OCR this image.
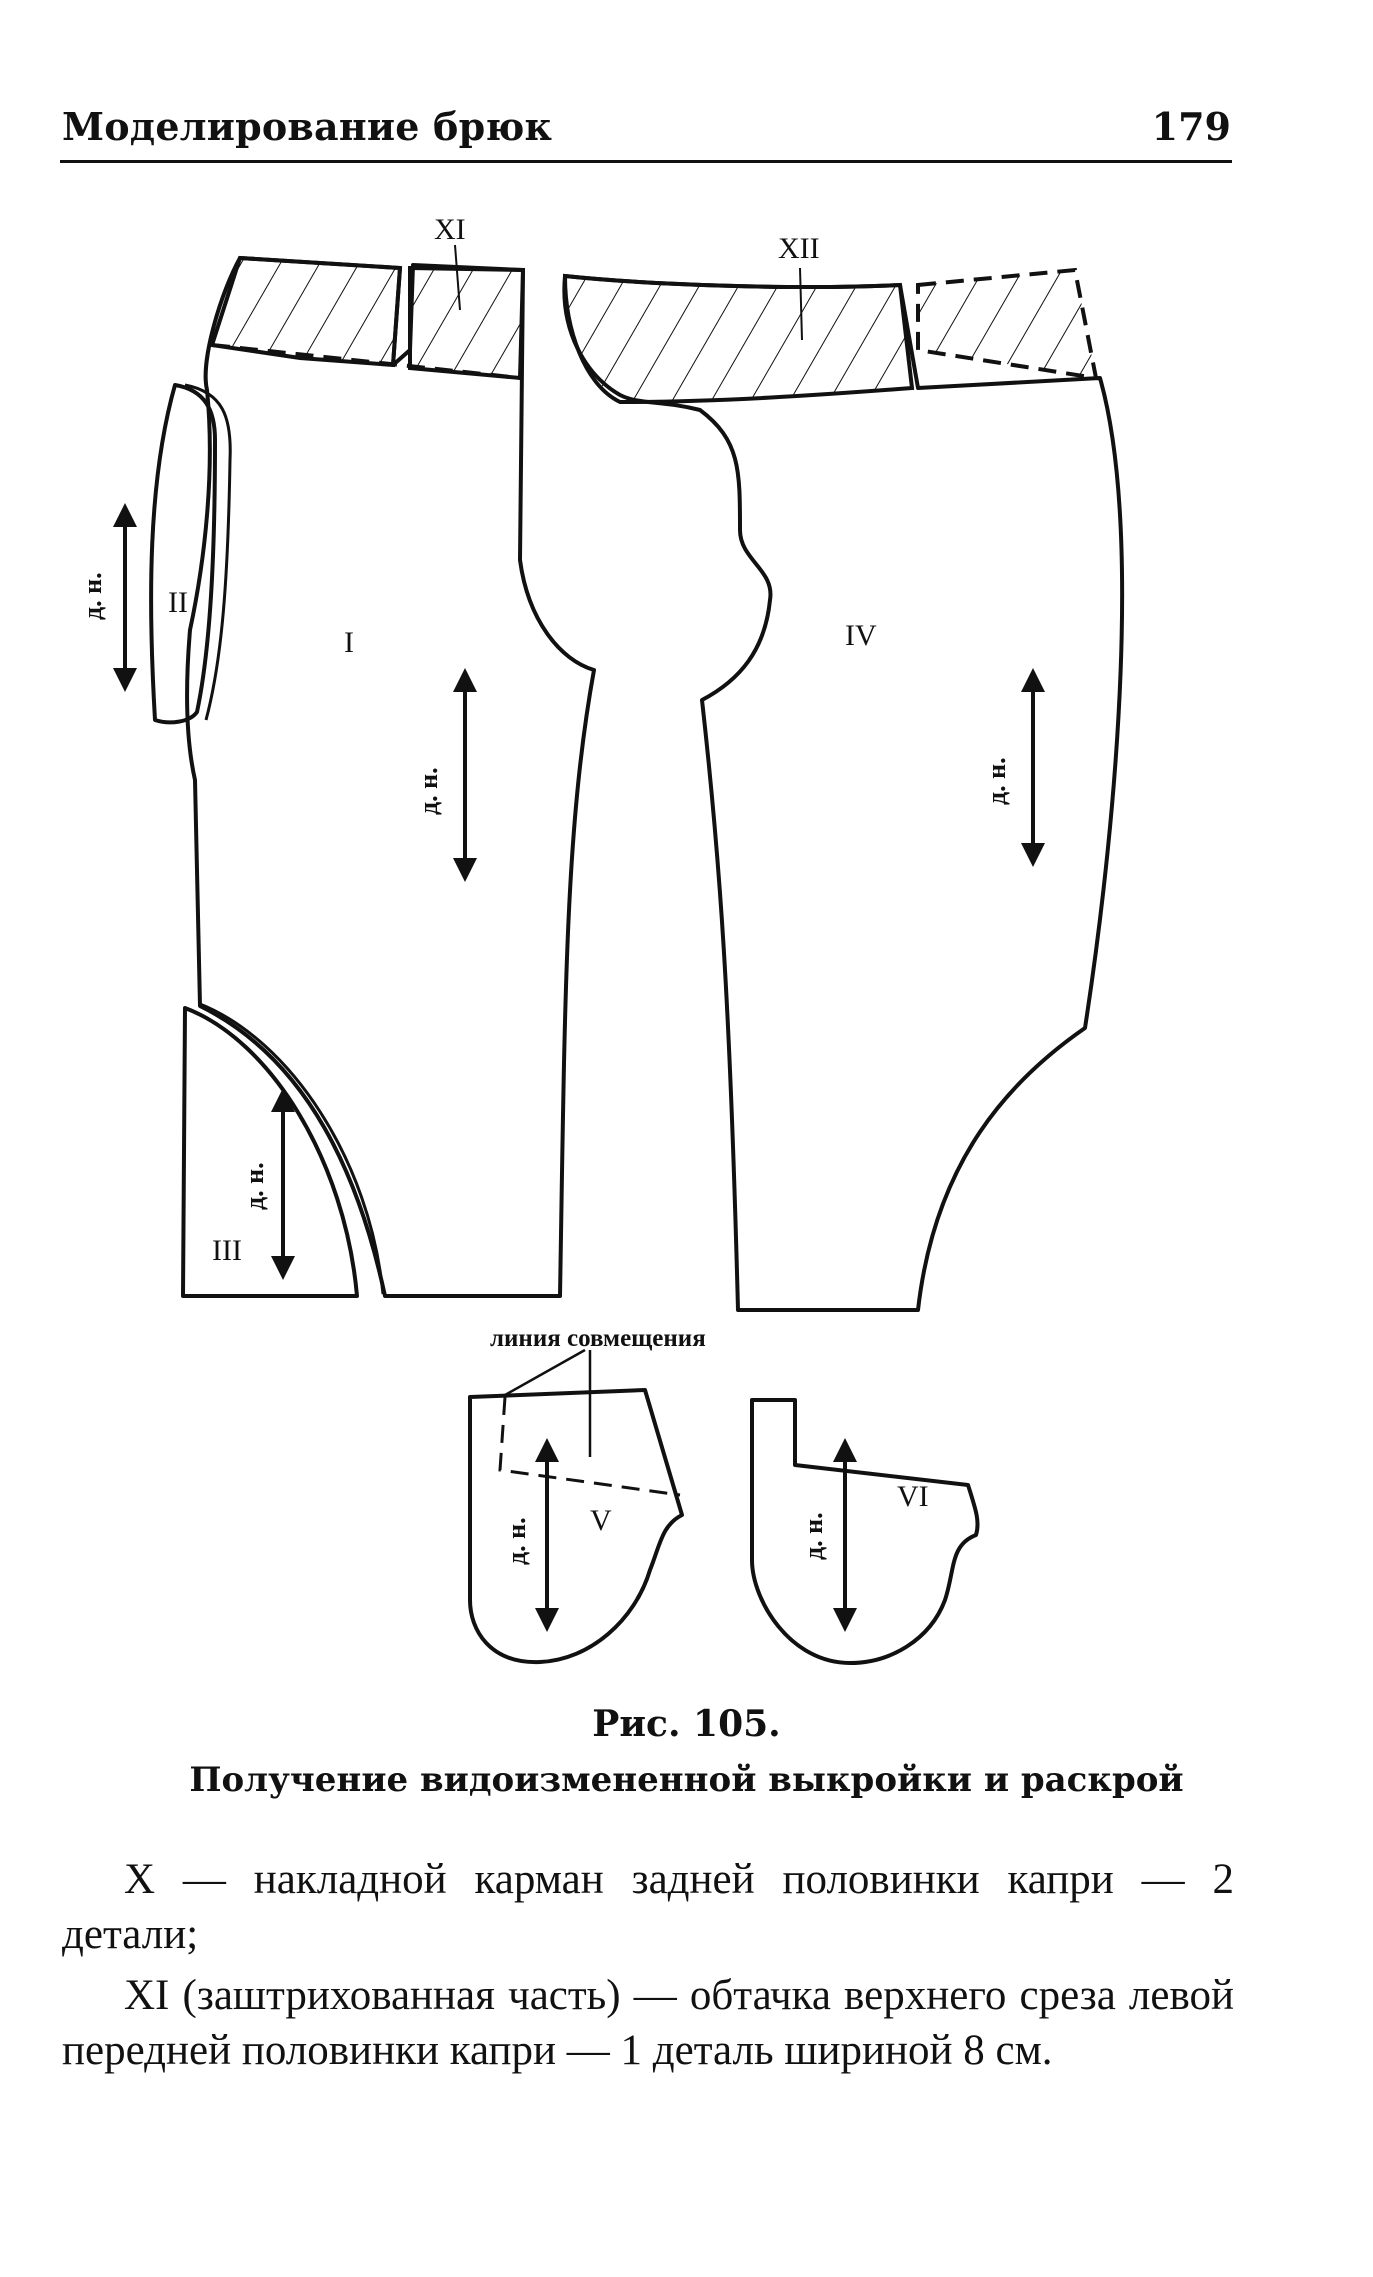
Моделирование брюк	179
XI
XII
II
I	IV
III
V
VI
линия совмещения
д. н.
д. н.
д. н.
д. н.
д. н.	д. н.
Рис. 105.
Получение видоизмененной выкройки и раскрой

X — накладной карман задней половинки капри — 2 детали;

XI (заштрихованная часть) — обтачка верхнего среза левой передней половинки капри — 1 деталь шириной 8 см.
